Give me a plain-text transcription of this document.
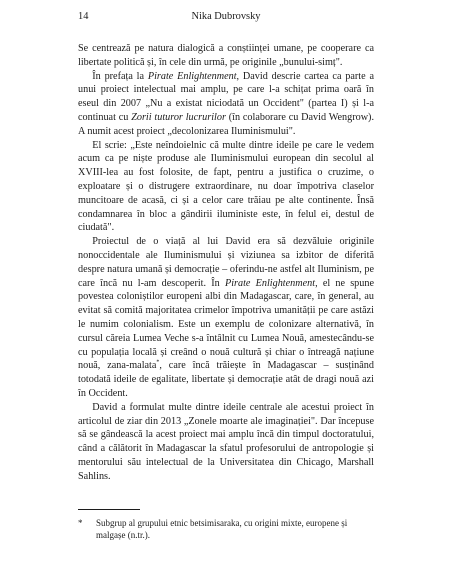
14	Nika Dubrovsky

Se centrează pe natura dialogică a conștiinței umane, pe cooperare ca libertate politică și, în cele din urmă, pe originile „bunului-simț".

În prefața la Pirate Enlightenment, David descrie cartea ca parte a unui proiect intelectual mai amplu, pe care l-a schițat prima oară în eseul din 2007 „Nu a existat niciodată un Occident" (partea I) și l-a continuat cu Zorii tuturor lucrurilor (în colaborare cu David Wengrow). A numit acest proiect „decolonizarea Iluminismului".

El scrie: „Este neîndoielnic că multe dintre ideile pe care le vedem acum ca pe niște produse ale Iluminismului european din secolul al XVIII-lea au fost folosite, de fapt, pentru a justifica o cruzime, o exploatare și o distrugere extraordinare, nu doar împotriva claselor muncitoare de acasă, ci și a celor care trăiau pe alte continente. Însă condamnarea în bloc a gândirii iluministe este, în felul ei, destul de ciudată".

Proiectul de o viață al lui David era să dezvăluie originile nonoccidentale ale Iluminismului și viziunea sa izbitor de diferită despre natura umană și democrație – oferindu-ne astfel alt Iluminism, pe care încă nu l-am descoperit. În Pirate Enlightenment, el ne spune povestea coloniștilor europeni albi din Madagascar, care, în general, au evitat să comită majoritatea crimelor împotriva umanității pe care astăzi le numim colonialism. Este un exemplu de colonizare alternativă, în cursul căreia Lumea Veche s-a întâlnit cu Lumea Nouă, amestecându-se cu populația locală și creând o nouă cultură și chiar o întreagă națiune nouă, zana-malata*, care încă trăiește în Madagascar – susținând totodată ideile de egalitate, libertate și democrație atât de dragi nouă azi în Occident.

David a formulat multe dintre ideile centrale ale acestui proiect în articolul de ziar din 2013 „Zonele moarte ale imaginației". Dar începuse să se gândească la acest proiect mai amplu încă din timpul doctoratului, când a călătorit în Madagascar la sfatul profesorului de antropologie și mentorului său intelectual de la Universitatea din Chicago, Marshall Sahlins.

* Subgrup al grupului etnic betsimisaraka, cu origini mixte, europene și malgașe (n.tr.).
